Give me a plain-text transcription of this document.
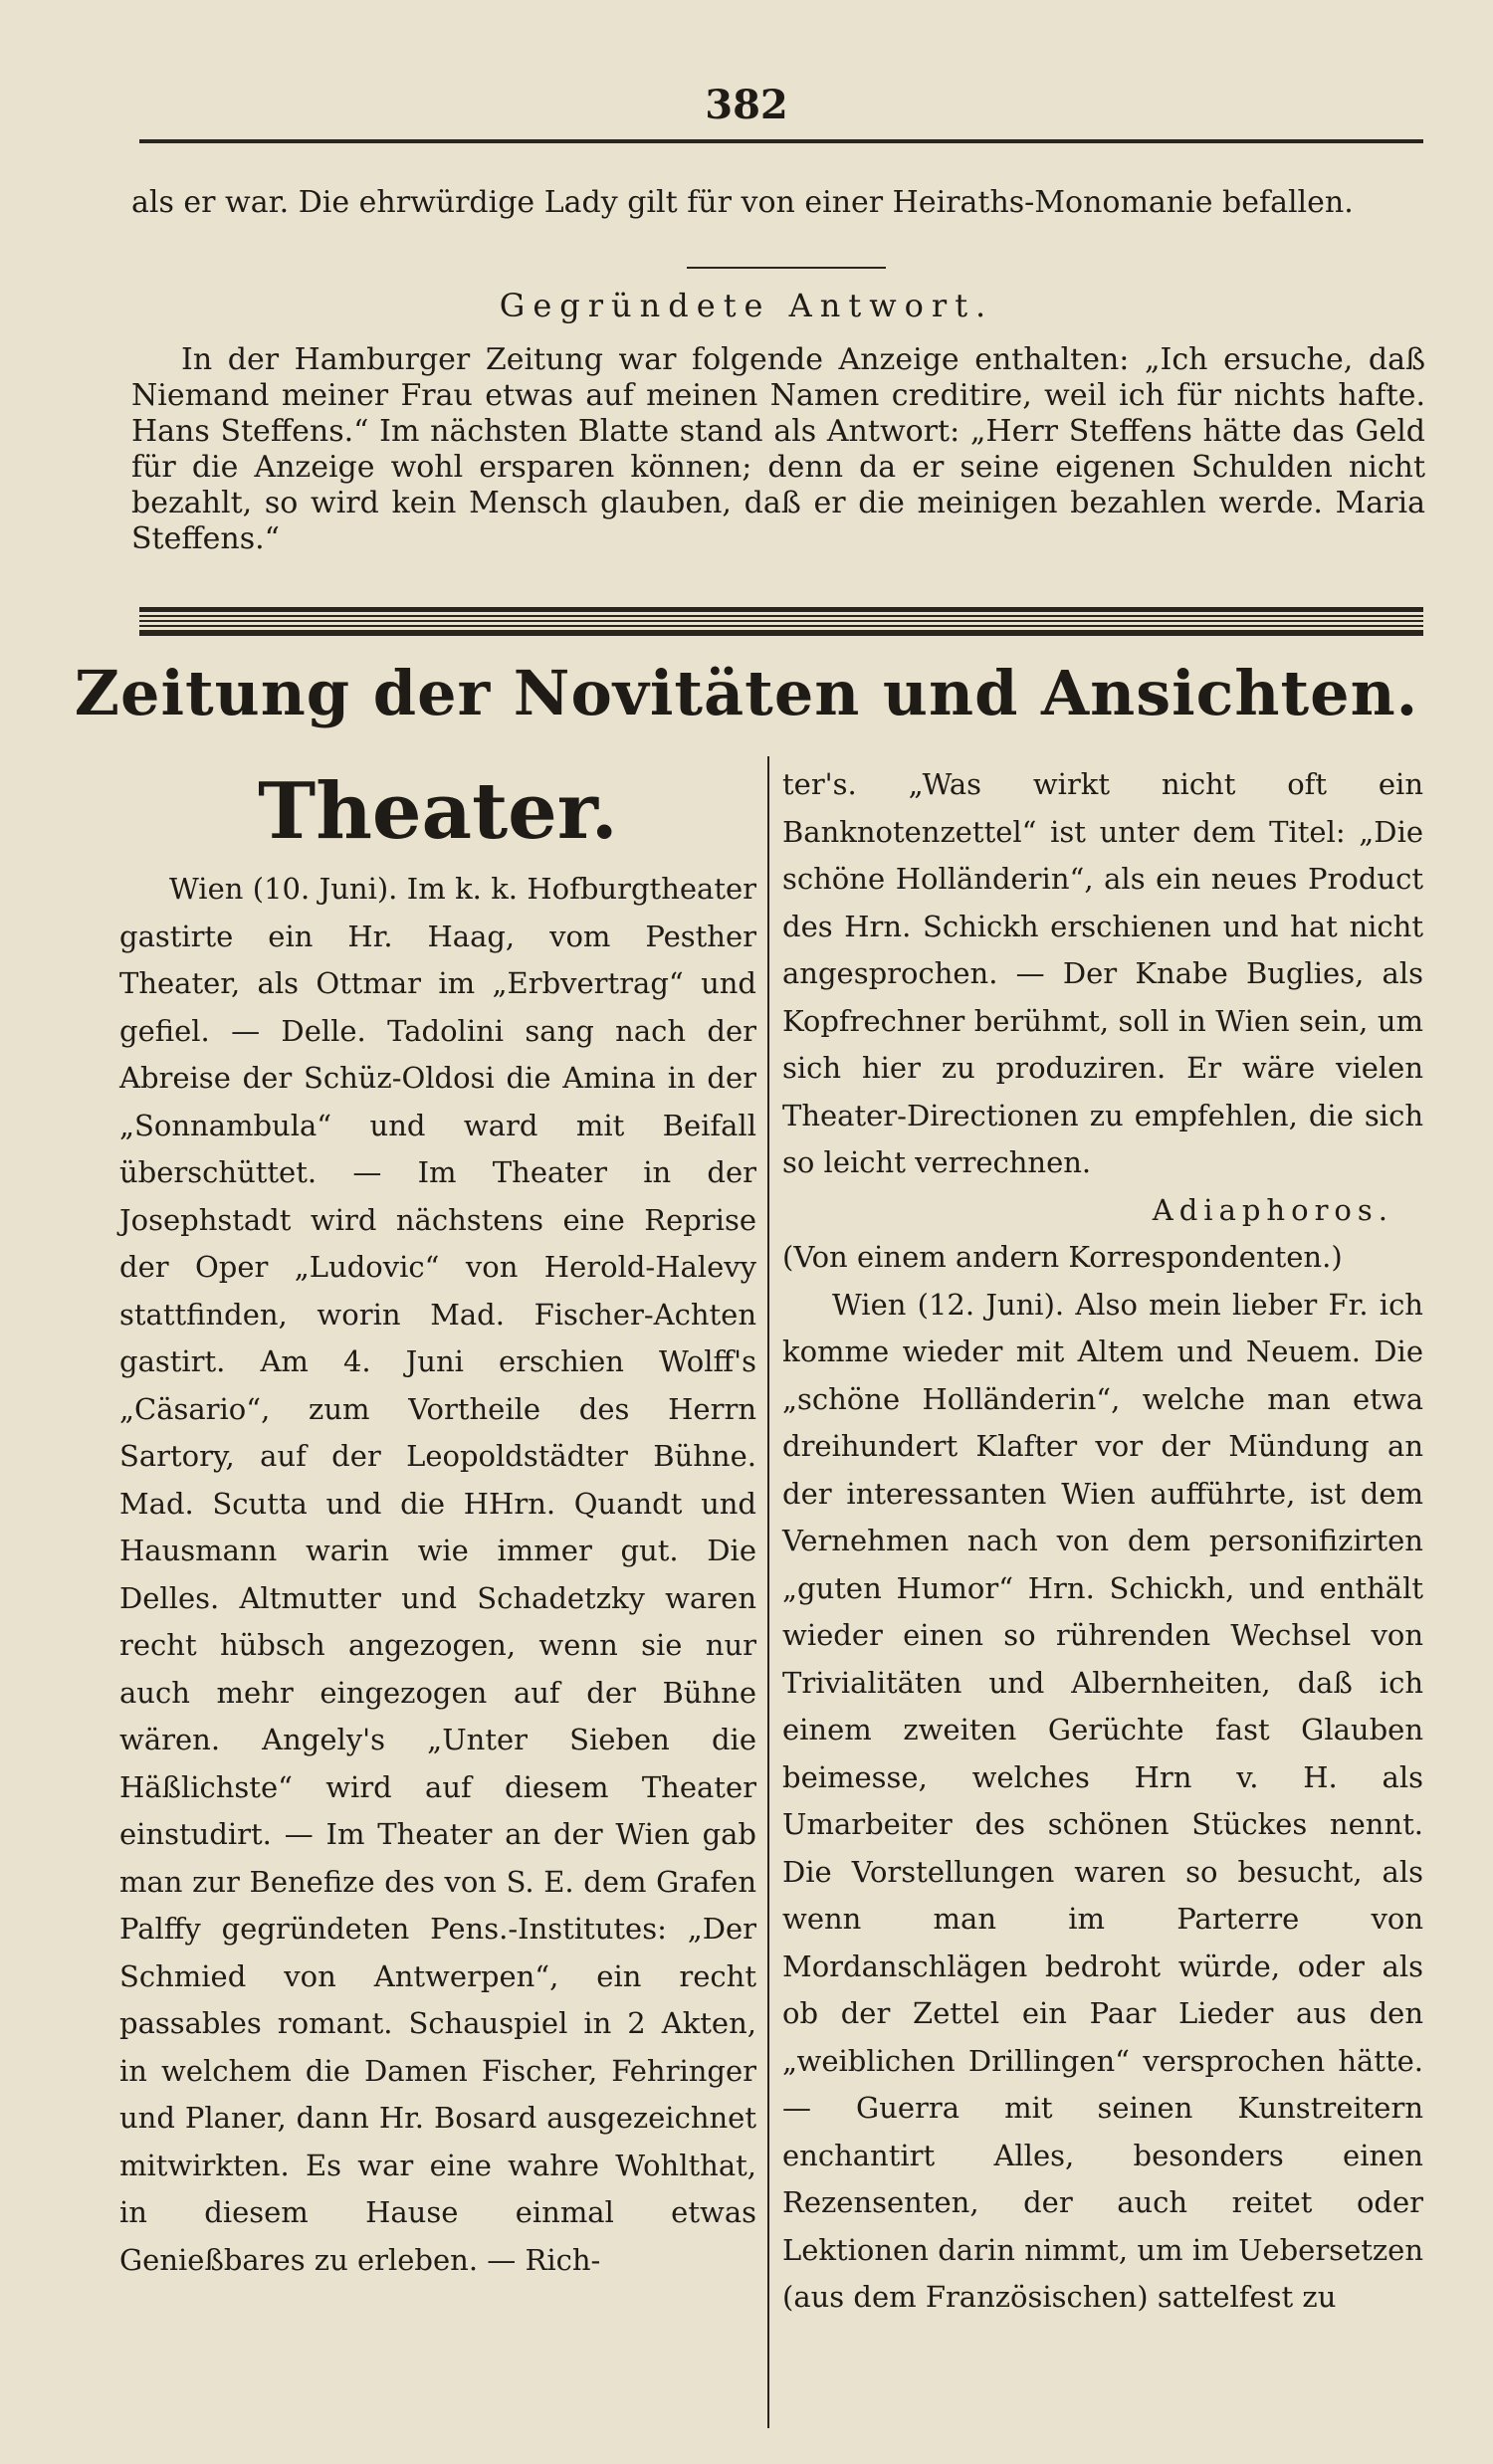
382
als er war. Die ehrwürdige Lady gilt für von einer Heiraths-Monomanie befallen.
Gegründete Antwort.
In der Hamburger Zeitung war folgende Anzeige enthalten: „Ich ersuche, daß Niemand meiner Frau etwas auf meinen Namen creditire, weil ich für nichts hafte. Hans Steffens.“ Im nächsten Blatte stand als Antwort: „Herr Steffens hätte das Geld für die Anzeige wohl ersparen können; denn da er seine eigenen Schulden nicht bezahlt, so wird kein Mensch glauben, daß er die meinigen bezahlen werde. Maria Steffens.“
Zeitung der Novitäten und Ansichten.
Theater.

Wien (10. Juni). Im k. k. Hofburgtheater gastirte ein Hr. Haag, vom Pesther Theater, als Ottmar im „Erbvertrag“ und gefiel. — Delle. Tadolini sang nach der Abreise der Schüz-Oldosi die Amina in der „Sonnambula“ und ward mit Beifall überschüttet. — Im Theater in der Josephstadt wird nächstens eine Reprise der Oper „Ludovic“ von Herold-Halevy stattfinden, worin Mad. Fischer-Achten gastirt. Am 4. Juni erschien Wolff's „Cäsario“, zum Vortheile des Herrn Sartory, auf der Leopoldstädter Bühne. Mad. Scutta und die HHrn. Quandt und Hausmann warin wie immer gut. Die Delles. Altmutter und Schadetzky waren recht hübsch angezogen, wenn sie nur auch mehr eingezogen auf der Bühne wären. Angely's „Unter Sieben die Häßlichste“ wird auf diesem Theater einstudirt. — Im Theater an der Wien gab man zur Benefize des von S. E. dem Grafen Palffy gegründeten Pens.-Institutes: „Der Schmied von Antwerpen“, ein recht passables romant. Schauspiel in 2 Akten, in welchem die Damen Fischer, Fehringer und Planer, dann Hr. Bosard ausgezeichnet mitwirkten. Es war eine wahre Wohlthat, in diesem Hause einmal etwas Genießbares zu erleben. — Rich-

ter's. „Was wirkt nicht oft ein Banknotenzettel“ ist unter dem Titel: „Die schöne Holländerin“, als ein neues Product des Hrn. Schickh erschienen und hat nicht angesprochen. — Der Knabe Buglies, als Kopfrechner berühmt, soll in Wien sein, um sich hier zu produziren. Er wäre vielen Theater-Directionen zu empfehlen, die sich so leicht verrechnen.

Adiaphoros.

(Von einem andern Korrespondenten.)

Wien (12. Juni). Also mein lieber Fr. ich komme wieder mit Altem und Neuem. Die „schöne Holländerin“, welche man etwa dreihundert Klafter vor der Mündung an der interessanten Wien aufführte, ist dem Vernehmen nach von dem personifizirten „guten Humor“ Hrn. Schickh, und enthält wieder einen so rührenden Wechsel von Trivialitäten und Albernheiten, daß ich einem zweiten Gerüchte fast Glauben beimesse, welches Hrn v. H. als Umarbeiter des schönen Stückes nennt. Die Vorstellungen waren so besucht, als wenn man im Parterre von Mordanschlägen bedroht würde, oder als ob der Zettel ein Paar Lieder aus den „weiblichen Drillingen“ versprochen hätte. — Guerra mit seinen Kunstreitern enchantirt Alles, besonders einen Rezensenten, der auch reitet oder Lektionen darin nimmt, um im Uebersetzen (aus dem Französischen) sattelfest zu
